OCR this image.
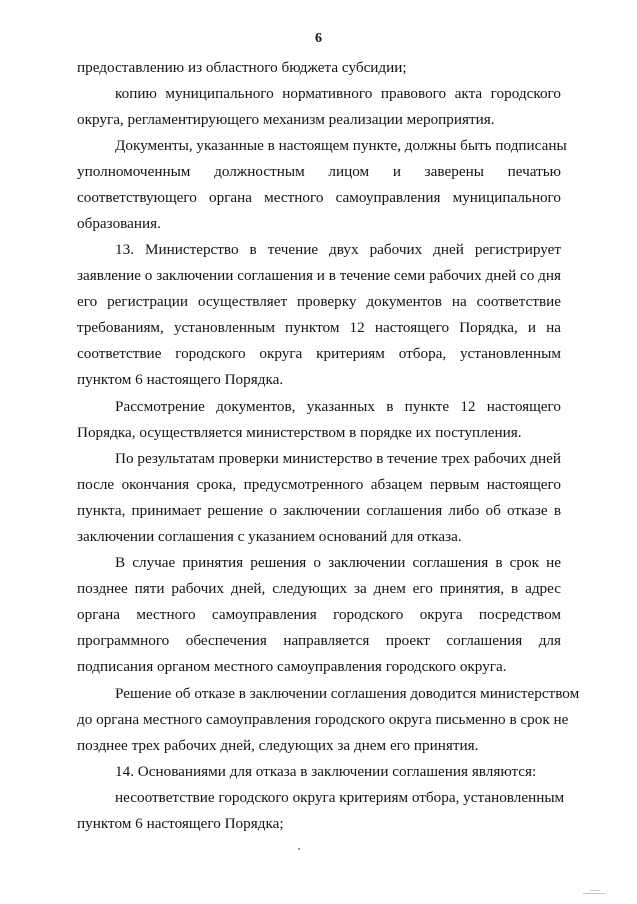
6
предоставлению из областного бюджета субсидии;
копию муниципального нормативного правового акта городского
округа, регламентирующего механизм реализации мероприятия.
Документы, указанные в настоящем пункте, должны быть подписаны
уполномоченным должностным лицом и заверены печатью
соответствующего органа местного самоуправления муниципального
образования.
13. Министерство в течение двух рабочих дней регистрирует
заявление о заключении соглашения и в течение семи рабочих дней со дня
его регистрации осуществляет проверку документов на соответствие
требованиям, установленным пунктом 12 настоящего Порядка, и на
соответствие городского округа критериям отбора, установленным
пунктом 6 настоящего Порядка.
Рассмотрение документов, указанных в пункте 12 настоящего
Порядка, осуществляется министерством в порядке их поступления.
По результатам проверки министерство в течение трех рабочих дней
после окончания срока, предусмотренного абзацем первым настоящего
пункта, принимает решение о заключении соглашения либо об отказе в
заключении соглашения с указанием оснований для отказа.
В случае принятия решения о заключении соглашения в срок не
позднее пяти рабочих дней, следующих за днем его принятия, в адрес
органа местного самоуправления городского округа посредством
программного обеспечения направляется проект соглашения для
подписания органом местного самоуправления городского округа.
Решение об отказе в заключении соглашения доводится министерством
до органа местного самоуправления городского округа письменно в срок не
позднее трех рабочих дней, следующих за днем его принятия.
14. Основаниями для отказа в заключении соглашения являются:
несоответствие городского округа критериям отбора, установленным
пунктом 6 настоящего Порядка;
